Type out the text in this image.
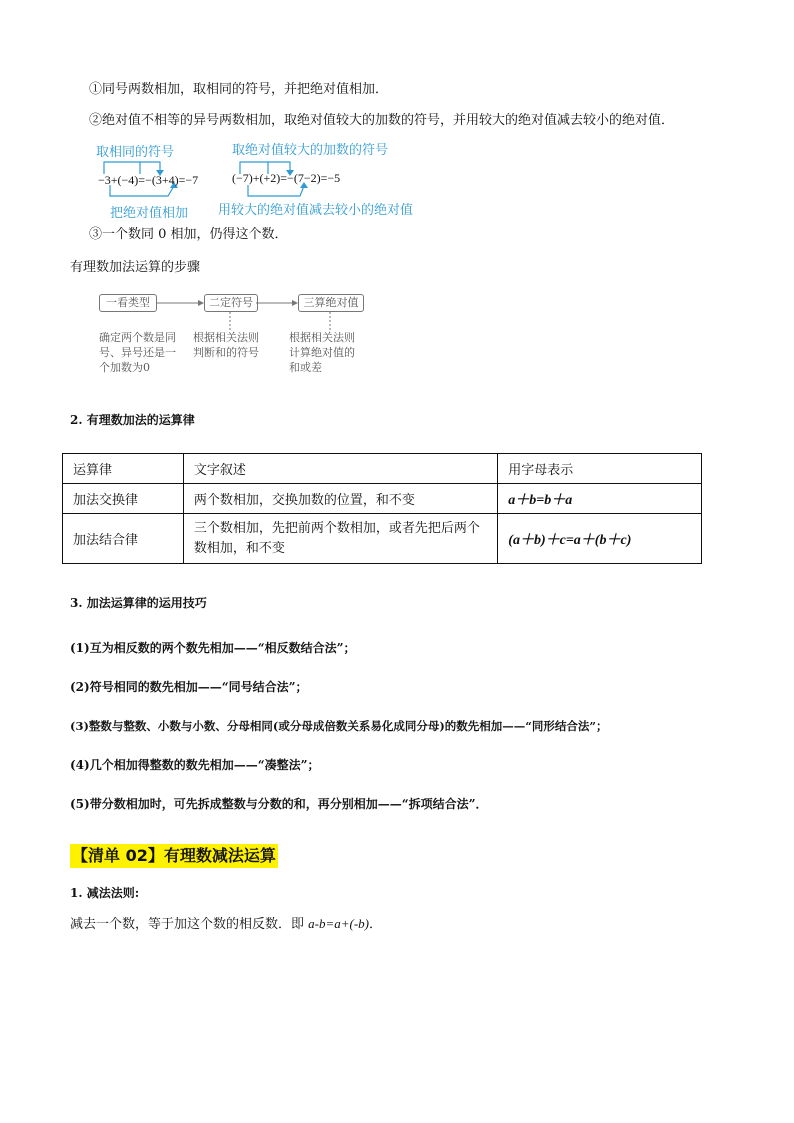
①同号两数相加，取相同的符号，并把绝对值相加．
②绝对值不相等的异号两数相加，取绝对值较大的加数的符号，并用较大的绝对值减去较小的绝对值．
取相同的符号	取绝对值较大的加数的符号
−3+(−4)=−(3+4)=−7	(−7)+(+2)=−(7−2)=−5
把绝对值相加 用较大的绝对值减去较小的绝对值
③一个数同 0 相加，仍得这个数．
有理数加法运算的步骤
一看类型	二定符号	三算绝对值
确定两个数是同号、异号还是一个加数为0
根据相关法则判断和的符号
根据相关法则计算绝对值的和或差
2. 有理数加法的运算律
运算律	文字叙述	用字母表示
加法交换律	两个数相加，交换加数的位置，和不变	a＋b=b＋a
加法结合律	三个数相加，先把前两个数相加，或者先把后两个数相加，和不变	(a＋b)＋c=a＋(b＋c)
3. 加法运算律的运用技巧
(1)互为相反数的两个数先相加——“相反数结合法”；
(2)符号相同的数先相加——“同号结合法”；
(3)整数与整数、小数与小数、分母相同(或分母成倍数关系易化成同分母)的数先相加——“同形结合法”；
(4)几个相加得整数的数先相加——“凑整法”；
(5)带分数相加时，可先拆成整数与分数的和，再分别相加——“拆项结合法”．
【清单 02】有理数减法运算
1. 减法法则:
减去一个数，等于加这个数的相反数．即 a-b=a+(-b)．
